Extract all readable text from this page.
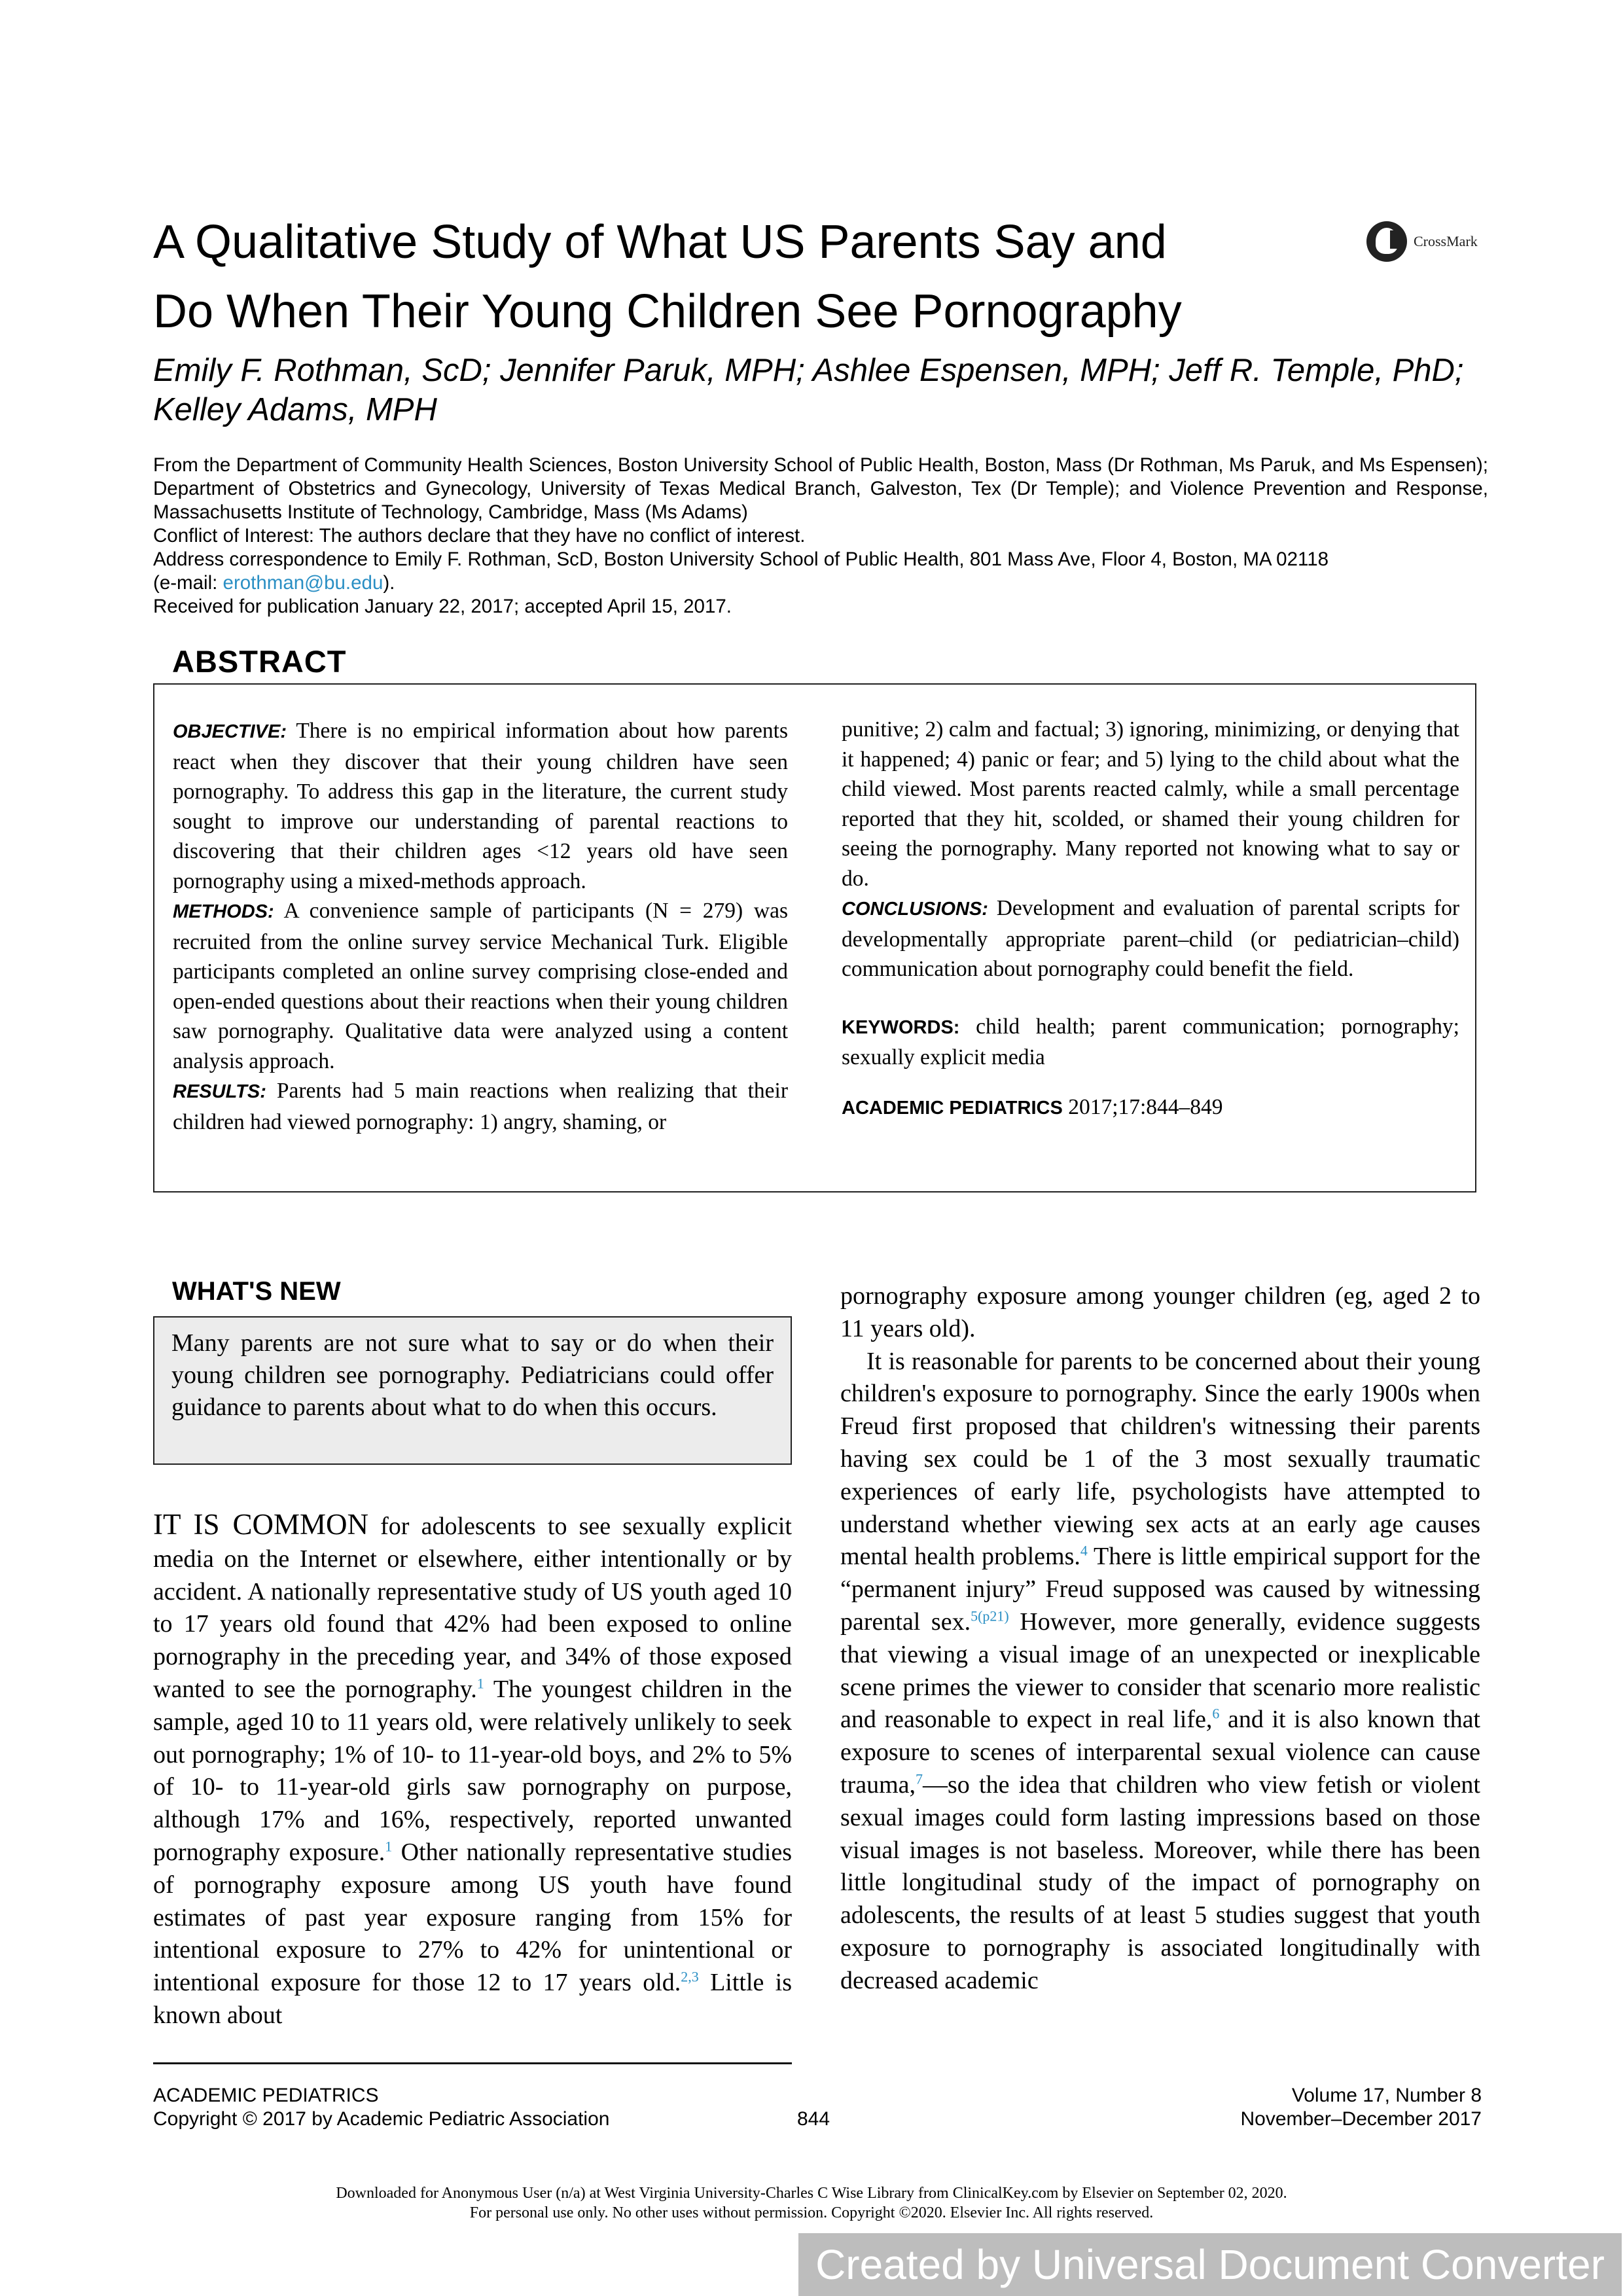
A Qualitative Study of What US Parents Say and
Do When Their Young Children See Pornography
CrossMark
Emily F. Rothman, ScD; Jennifer Paruk, MPH; Ashlee Espensen, MPH; Jeff R. Temple, PhD;
Kelley Adams, MPH
From the Department of Community Health Sciences, Boston University School of Public Health, Boston, Mass (Dr Rothman, Ms Paruk, and Ms Espensen); Department of Obstetrics and Gynecology, University of Texas Medical Branch, Galveston, Tex (Dr Temple); and Violence Prevention and Response, Massachusetts Institute of Technology, Cambridge, Mass (Ms Adams)
Conflict of Interest: The authors declare that they have no conflict of interest.
Address correspondence to Emily F. Rothman, ScD, Boston University School of Public Health, 801 Mass Ave, Floor 4, Boston, MA 02118
(e-mail: erothman@bu.edu).
Received for publication January 22, 2017; accepted April 15, 2017.
ABSTRACT

OBJECTIVE: There is no empirical information about how parents react when they discover that their young children have seen pornography. To address this gap in the literature, the current study sought to improve our understanding of parental reactions to discovering that their children ages <12 years old have seen pornography using a mixed-methods approach.

METHODS: A convenience sample of participants (N = 279) was recruited from the online survey service Mechanical Turk. Eligible participants completed an online survey comprising close-ended and open-ended questions about their reactions when their young children saw pornography. Qualitative data were analyzed using a content analysis approach.

RESULTS: Parents had 5 main reactions when realizing that their children had viewed pornography: 1) angry, shaming, or

punitive; 2) calm and factual; 3) ignoring, minimizing, or denying that it happened; 4) panic or fear; and 5) lying to the child about what the child viewed. Most parents reacted calmly, while a small percentage reported that they hit, scolded, or shamed their young children for seeing the pornography. Many reported not knowing what to say or do.

CONCLUSIONS: Development and evaluation of parental scripts for developmentally appropriate parent–child (or pediatrician–child) communication about pornography could benefit the field.

KEYWORDS: child health; parent communication; pornography; sexually explicit media

ACADEMIC PEDIATRICS 2017;17:844–849

WHAT'S NEW
Many parents are not sure what to say or do when their young children see pornography. Pediatricians could offer guidance to parents about what to do when this occurs.

IT IS COMMON for adolescents to see sexually explicit media on the Internet or elsewhere, either intentionally or by accident. A nationally representative study of US youth aged 10 to 17 years old found that 42% had been exposed to online pornography in the preceding year, and 34% of those exposed wanted to see the pornography.$^1$ The youngest children in the sample, aged 10 to 11 years old, were relatively unlikely to seek out pornography; 1% of 10- to 11-year-old boys, and 2% to 5% of 10- to 11-year-old girls saw pornography on purpose, although 17% and 16%, respectively, reported unwanted pornography exposure.$^1$ Other nationally representative studies of pornography exposure among US youth have found estimates of past year exposure ranging from 15% for intentional exposure to 27% to 42% for unintentional or intentional exposure for those 12 to 17 years old.$^{2,3}$ Little is known about

pornography exposure among younger children (eg, aged 2 to 11 years old).

It is reasonable for parents to be concerned about their young children's exposure to pornography. Since the early 1900s when Freud first proposed that children's witnessing their parents having sex could be 1 of the 3 most sexually traumatic experiences of early life, psychologists have attempted to understand whether viewing sex acts at an early age causes mental health problems.$^4$ There is little empirical support for the “permanent injury” Freud supposed was caused by witnessing parental sex.$^{5(p21)}$ However, more generally, evidence suggests that viewing a visual image of an unexpected or inexplicable scene primes the viewer to consider that scenario more realistic and reasonable to expect in real life,$^6$ and it is also known that exposure to scenes of interparental sexual violence can cause trauma,$^7$—so the idea that children who view fetish or violent sexual images could form lasting impressions based on those visual images is not baseless. Moreover, while there has been little longitudinal study of the impact of pornography on adolescents, the results of at least 5 studies suggest that youth exposure to pornography is associated longitudinally with decreased academic

ACADEMIC PEDIATRICS
Copyright © 2017 by Academic Pediatric Association	844
Volume 17, Number 8
November–December 2017
Downloaded for Anonymous User (n/a) at West Virginia University-Charles C Wise Library from ClinicalKey.com by Elsevier on September 02, 2020.
For personal use only. No other uses without permission. Copyright ©2020. Elsevier Inc. All rights reserved.
Created by Universal Document Converter
